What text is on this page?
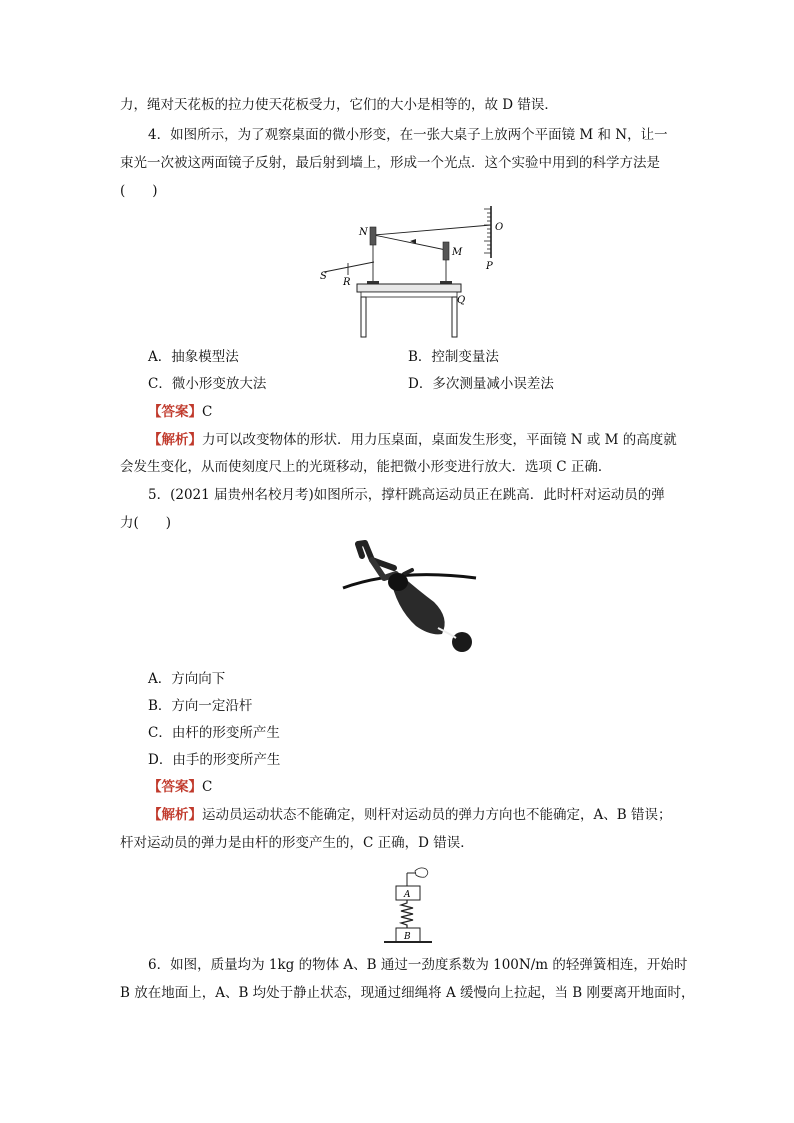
力，绳对天花板的拉力使天花板受力，它们的大小是相等的，故 D 错误．
4．如图所示，为了观察桌面的微小形变，在一张大桌子上放两个平面镜 M 和 N，让一
束光一次被这两面镜子反射，最后射到墙上，形成一个光点．这个实验中用到的科学方法是
(　　)
N
M
O
P
S
R
Q
A．抽象模型法	B．控制变量法
C．微小形变放大法	D．多次测量减小误差法
【答案】C
【解析】力可以改变物体的形状．用力压桌面，桌面发生形变，平面镜 N 或 M 的高度就
会发生变化，从而使刻度尺上的光斑移动，能把微小形变进行放大．选项 C 正确．
5．(2021 届贵州名校月考)如图所示，撑杆跳高运动员正在跳高．此时杆对运动员的弹
力(　　)
A．方向向下
B．方向一定沿杆
C．由杆的形变所产生
D．由手的形变所产生
【答案】C
【解析】运动员运动状态不能确定，则杆对运动员的弹力方向也不能确定，A、B 错误；
杆对运动员的弹力是由杆的形变产生的，C 正确，D 错误．
A
B
6．如图，质量均为 1kg 的物体 A、B 通过一劲度系数为 100N/m 的轻弹簧相连，开始时
B 放在地面上，A、B 均处于静止状态，现通过细绳将 A 缓慢向上拉起，当 B 刚要离开地面时，
